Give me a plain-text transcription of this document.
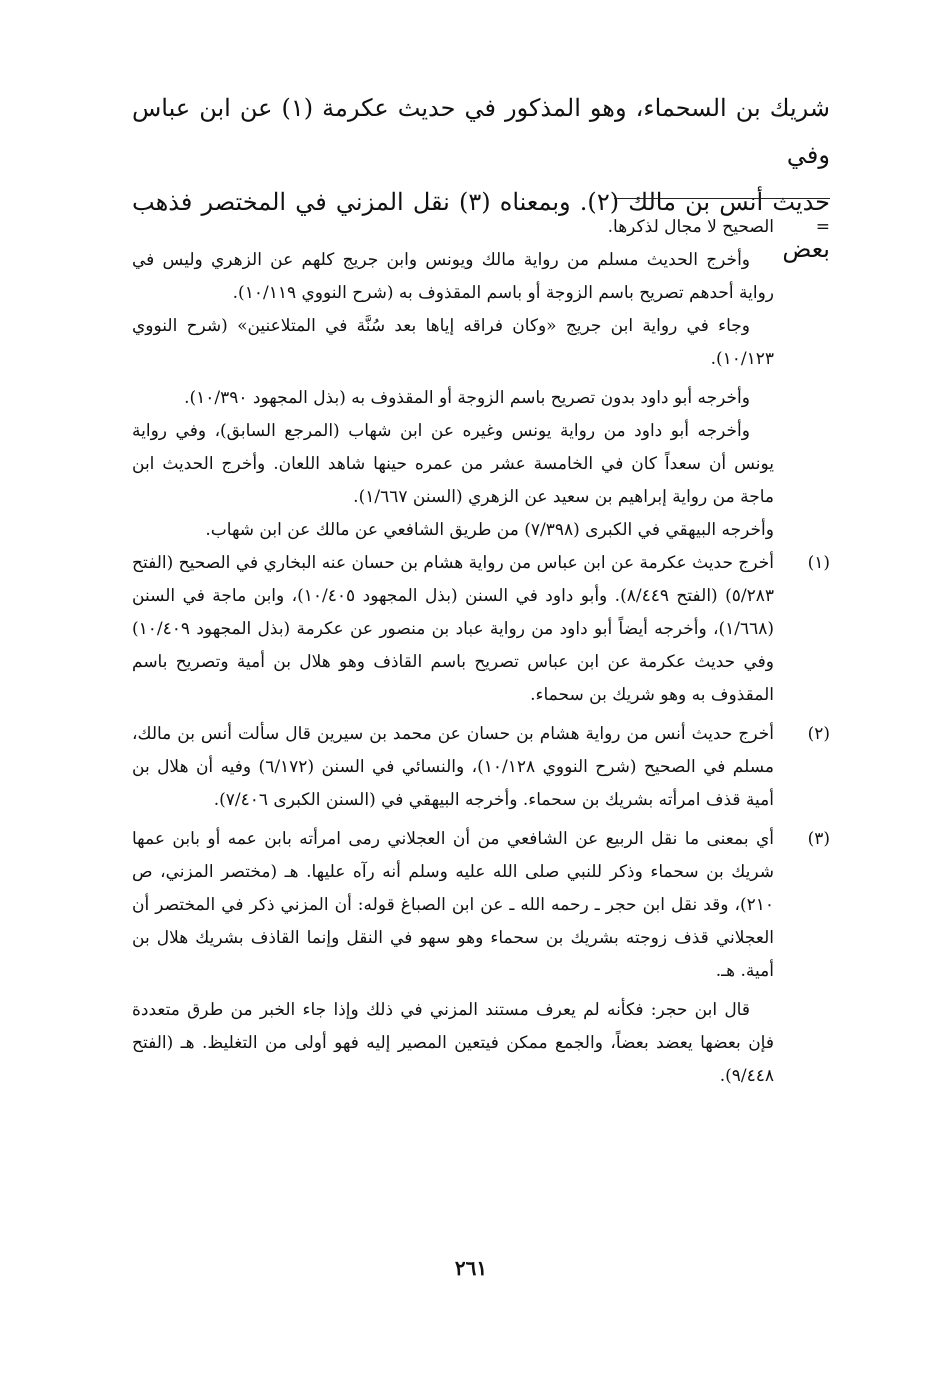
شريك بن السحماء، وهو المذكور في حديث عكرمة (١) عن ابن عباس وفي

حديث أنس بن مالك (٢). وبمعناه (٣) نقل المزني في المختصر فذهب بعض

=

الصحيح لا مجال لذكرها.

وأخرج الحديث مسلم من رواية مالك ويونس وابن جريج كلهم عن الزهري وليس في رواية أحدهم تصريح باسم الزوجة أو باسم المقذوف به (شرح النووي ١٠/١١٩).

وجاء في رواية ابن جريج «وكان فراقه إياها بعد سُنَّة في المتلاعنين» (شرح النووي ١٠/١٢٣).

وأخرجه أبو داود بدون تصريح باسم الزوجة أو المقذوف به (بذل المجهود ١٠/٣٩٠).

وأخرجه أبو داود من رواية يونس وغيره عن ابن شهاب (المرجع السابق)، وفي رواية يونس أن سعداً كان في الخامسة عشر من عمره حينها شاهد اللعان. وأخرج الحديث ابن ماجة من رواية إبراهيم بن سعيد عن الزهري (السنن ١/٦٦٧).

وأخرجه البيهقي في الكبرى (٧/٣٩٨) من طريق الشافعي عن مالك عن ابن شهاب.

(١)

أخرج حديث عكرمة عن ابن عباس من رواية هشام بن حسان عنه البخاري في الصحيح (الفتح ٥/٢٨٣) (الفتح ٨/٤٤٩). وأبو داود في السنن (بذل المجهود ١٠/٤٠٥)، وابن ماجة في السنن (١/٦٦٨)، وأخرجه أيضاً أبو داود من رواية عباد بن منصور عن عكرمة (بذل المجهود ١٠/٤٠٩) وفي حديث عكرمة عن ابن عباس تصريح باسم القاذف وهو هلال بن أمية وتصريح باسم المقذوف به وهو شريك بن سحماء.

(٢)

أخرج حديث أنس من رواية هشام بن حسان عن محمد بن سيرين قال سألت أنس بن مالك، مسلم في الصحيح (شرح النووي ١٠/١٢٨)، والنسائي في السنن (٦/١٧٢) وفيه أن هلال بن أمية قذف امرأته بشريك بن سحماء. وأخرجه البيهقي في (السنن الكبرى ٧/٤٠٦).

(٣)

أي بمعنى ما نقل الربيع عن الشافعي من أن العجلاني رمى امرأته بابن عمه أو بابن عمها شريك بن سحماء وذكر للنبي صلى الله عليه وسلم أنه رآه عليها. هـ (مختصر المزني، ص ٢١٠)، وقد نقل ابن حجر ـ رحمه الله ـ عن ابن الصباغ قوله: أن المزني ذكر في المختصر أن العجلاني قذف زوجته بشريك بن سحماء وهو سهو في النقل وإنما القاذف بشريك هلال بن أمية. هـ.

قال ابن حجر: فكأنه لم يعرف مستند المزني في ذلك وإذا جاء الخبر من طرق متعددة فإن بعضها يعضد بعضاً، والجمع ممكن فيتعين المصير إليه فهو أولى من التغليظ. هـ (الفتح ٩/٤٤٨).

٢٦١
